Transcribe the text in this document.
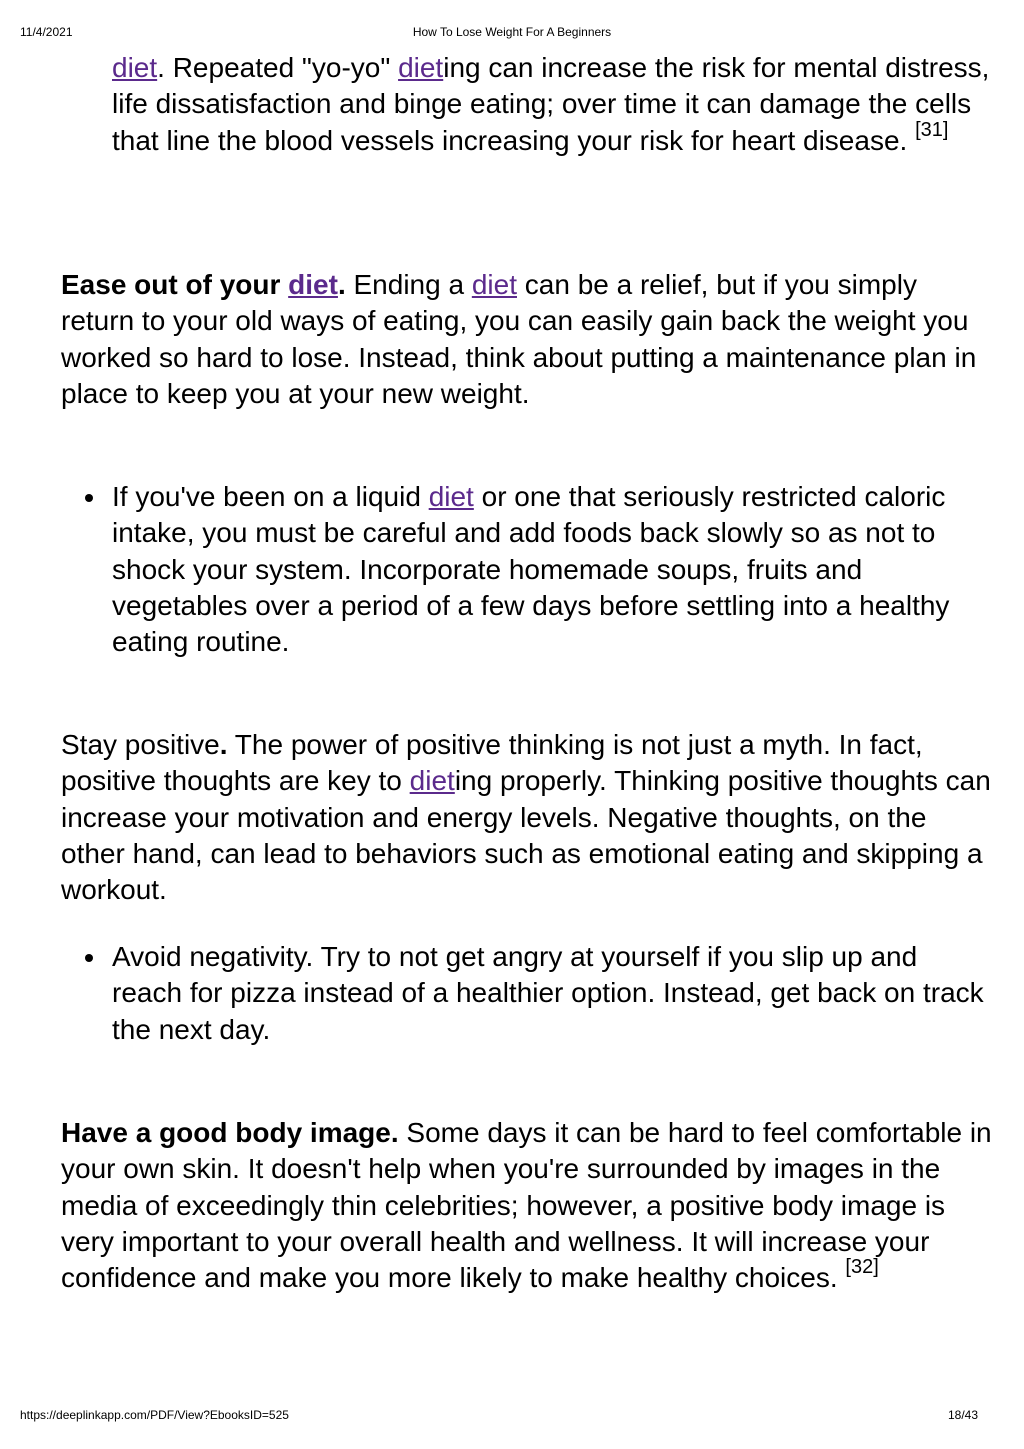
11/4/2021	How To Lose Weight For A Beginners
diet. Repeated "yo-yo" dieting can increase the risk for mental distress, life dissatisfaction and binge eating; over time it can damage the cells that line the blood vessels increasing your risk for heart disease. [31]
Ease out of your diet. Ending a diet can be a relief, but if you simply return to your old ways of eating, you can easily gain back the weight you worked so hard to lose. Instead, think about putting a maintenance plan in place to keep you at your new weight.
If you've been on a liquid diet or one that seriously restricted caloric intake, you must be careful and add foods back slowly so as not to shock your system. Incorporate homemade soups, fruits and vegetables over a period of a few days before settling into a healthy eating routine.
Stay positive. The power of positive thinking is not just a myth. In fact, positive thoughts are key to dieting properly. Thinking positive thoughts can increase your motivation and energy levels. Negative thoughts, on the other hand, can lead to behaviors such as emotional eating and skipping a workout.
Avoid negativity. Try to not get angry at yourself if you slip up and reach for pizza instead of a healthier option. Instead, get back on track the next day.
Have a good body image. Some days it can be hard to feel comfortable in your own skin. It doesn't help when you're surrounded by images in the media of exceedingly thin celebrities; however, a positive body image is very important to your overall health and wellness. It will increase your confidence and make you more likely to make healthy choices. [32]
https://deeplinkapp.com/PDF/View?EbooksID=525	18/43
